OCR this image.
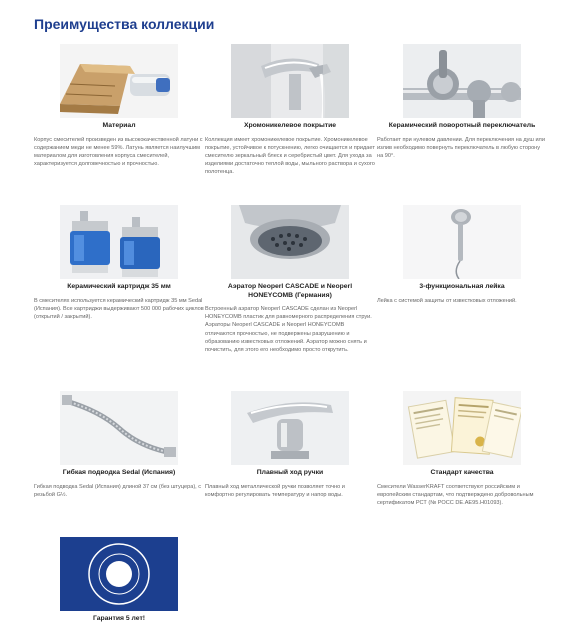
Преимущества коллекции
Материал
Корпус смесителей произведен из высококачественной латуни с содержанием меди не менее 59%. Латунь является наилучшим материалом для изготовления корпуса смесителей, характеризуется долговечностью и прочностью.
Хромоникелевое покрытие
Коллекция имеет хромоникелевое покрытие. Хромоникелевое покрытие, устойчивое к потускнению, легко очищается и придает смесителю зеркальный блеск и серебристый цвет. Для ухода за изделиями достаточно теплой воды, мыльного раствора и сухого полотенца.
Керамический поворотный переключатель
Работает при нулевом давлении. Для переключения на душ или излив необходимо повернуть переключатель в любую сторону на 90°.
Керамический картридж 35 мм
В смесителях используется керамический картридж 35 мм Sedal (Испания). Все картриджи выдерживают 500 000 рабочих циклов (открытий / закрытий).
Аэратор Neoperl CASCADE и Neoperl HONEYCOMB (Германия)
Встроенный аэратор Neoperl CASCADE сделан из Neoperl HONEYCOMB пластик для равномерного распределения струи. Аэраторы Neoperl CASCADE и Neoperl HONEYCOMB отличаются прочностью, не подвержены разрушению и образованию известковых отложений. Аэратор можно снять и почистить, для этого его необходимо просто открутить.
3-функциональная лейка
Лейка с системой защиты от известковых отложений.
Гибкая подводка Sedal (Испания)
Гибкая подводка Sedal (Испания) длиной 37 см (без штуцера), с резьбой G½.
Плавный ход ручки
Плавный ход металлической ручки позволяет точно и комфортно регулировать температуру и напор воды.
Стандарт качества
Смесители WasserKRAFT соответствуют российским и европейским стандартам, что подтверждено добровольным сертификатом РСТ (№ РОСС DE.АЕ95.Н01093).
Гарантия 5 лет!
